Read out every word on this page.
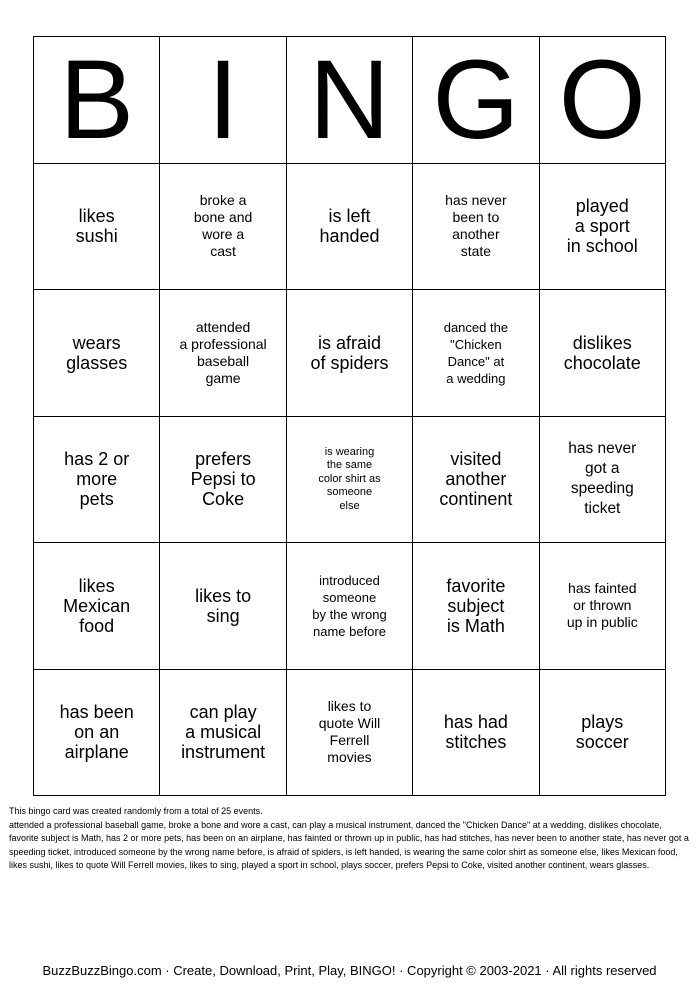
B I N G O
likes
sushi
broke a
bone and
wore a
cast
is left
handed
has never
been to
another
state
played
a sport
in school
wears
glasses
attended
a professional
baseball
game
is afraid
of spiders
danced the
"Chicken
Dance" at
a wedding
dislikes
chocolate
has 2 or
more
pets
prefers
Pepsi to
Coke
is wearing
the same
color shirt as
someone
else
visited
another
continent
has never
got a
speeding
ticket
likes
Mexican
food
likes to
sing
introduced
someone
by the wrong
name before
favorite
subject
is Math
has fainted
or thrown
up in public
has been
on an
airplane
can play
a musical
instrument
likes to
quote Will
Ferrell
movies
has had
stitches
plays
soccer

This bingo card was created randomly from a total of 25 events.

attended a professional baseball game, broke a bone and wore a cast, can play a musical instrument, danced the "Chicken Dance" at a wedding, dislikes chocolate, favorite subject is Math, has 2 or more pets, has been on an airplane, has fainted or thrown up in public, has had stitches, has never been to another state, has never got a speeding ticket, introduced someone by the wrong name before, is afraid of spiders, is left handed, is wearing the same color shirt as someone else, likes Mexican food, likes sushi, likes to quote Will Ferrell movies, likes to sing, played a sport in school, plays soccer, prefers Pepsi to Coke, visited another continent, wears glasses.

BuzzBuzzBingo.com · Create, Download, Print, Play, BINGO! · Copyright © 2003-2021 · All rights reserved
